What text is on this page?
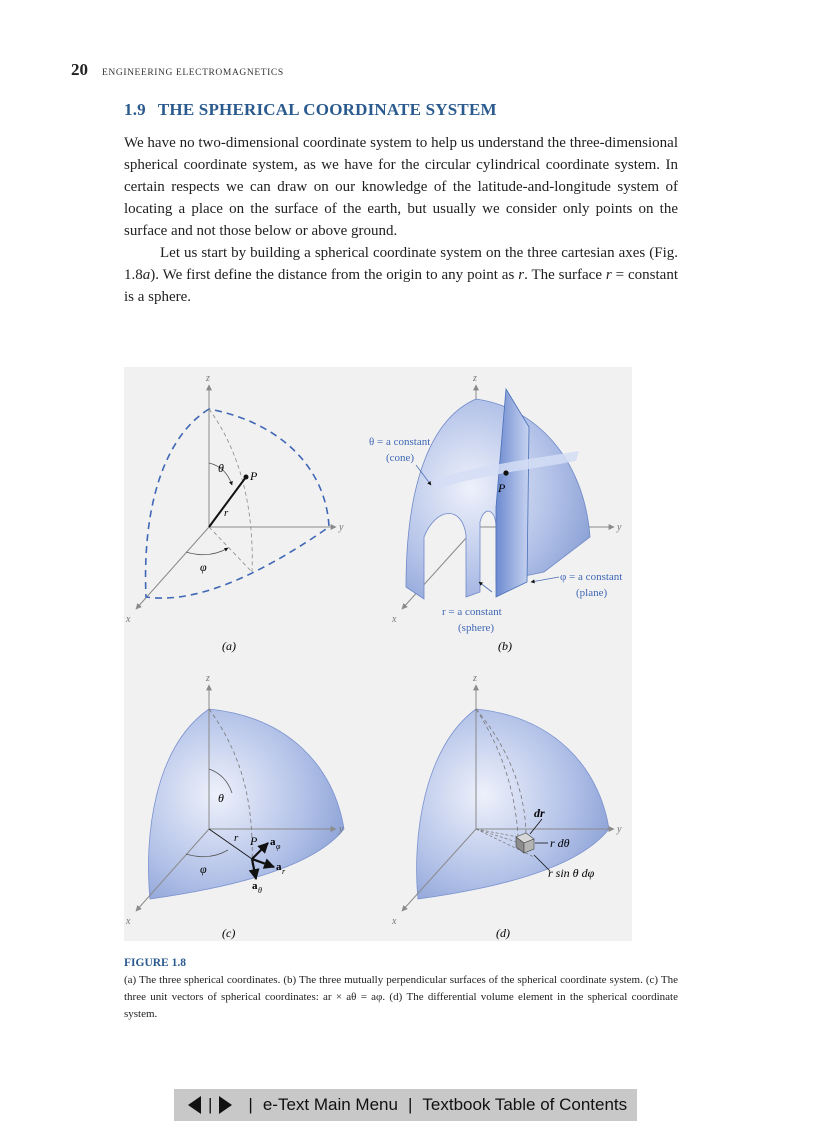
20 ENGINEERING ELECTROMAGNETICS
1.9 THE SPHERICAL COORDINATE SYSTEM

We have no two-dimensional coordinate system to help us understand the three-dimensional spherical coordinate system, as we have for the circular cylindrical coordinate system. In certain respects we can draw on our knowledge of the latitude-and-longitude system of locating a place on the surface of the earth, but usually we consider only points on the surface and not those below or above ground.

Let us start by building a spherical coordinate system on the three cartesian axes (Fig. 1.8a). We first define the distance from the origin to any point as r. The surface r = constant is a sphere.

z
y
x
θ
P
r
φ
(a)
z
y
x
θ = a constant
(cone)
P
φ = a constant
(plane)
r = a constant
(sphere)
(b)
z
y
x
θ
r P a φ
a r
a θ
φ
(c)
z
y
x
dr
r dθ
r sin θ dφ
(d)
FIGURE 1.8
(a) The three spherical coordinates. (b) The three mutually perpendicular surfaces of the spherical coordinate system. (c) The three unit vectors of spherical coordinates: ar × aθ = aφ. (d) The differential volume element in the spherical coordinate system.
| | e-Text Main Menu | Textbook Table of Contents
